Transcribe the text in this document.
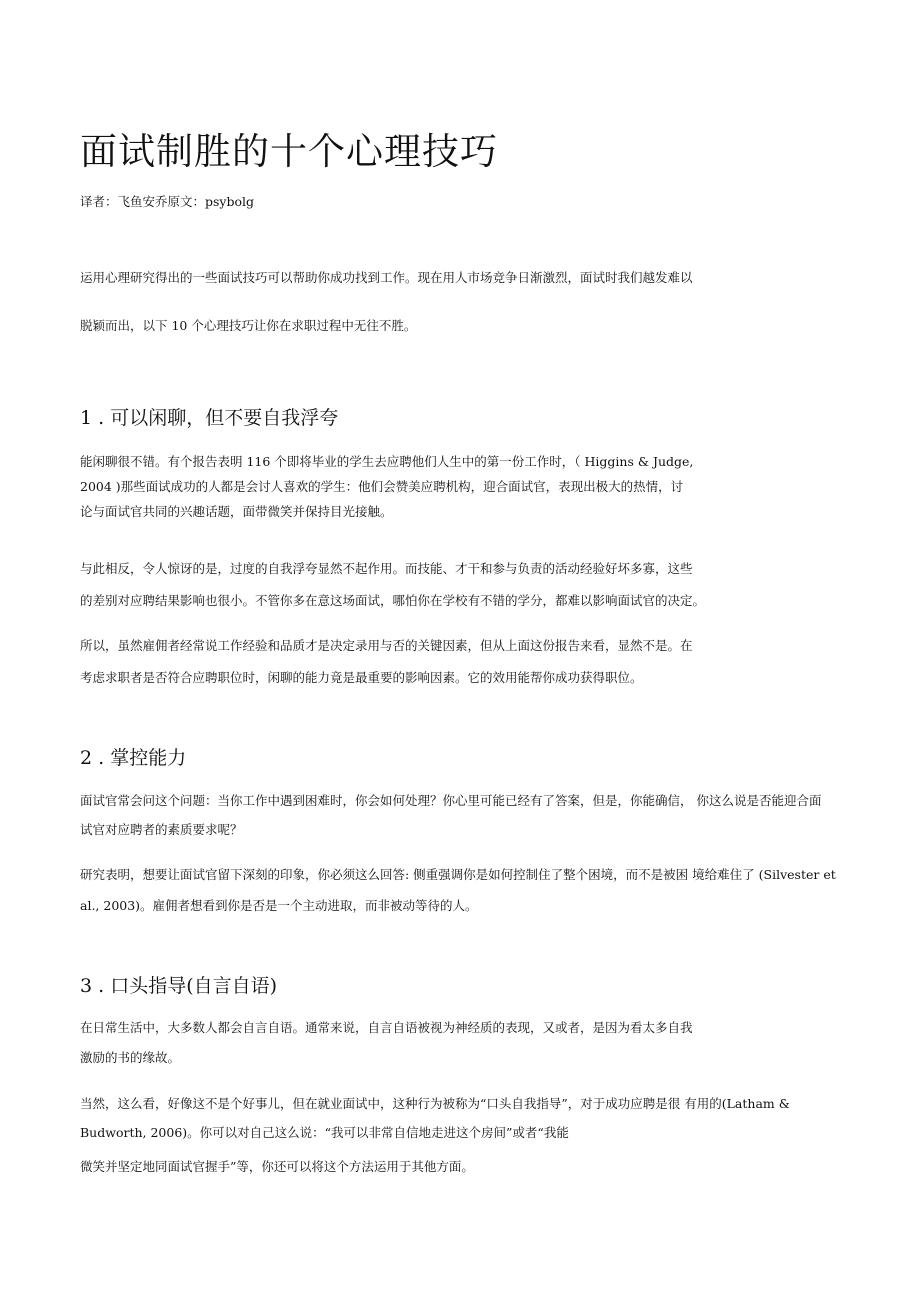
面试制胜的十个心理技巧
译者：飞鱼安乔原文：psybolg

运用心理研究得出的一些面试技巧可以帮助你成功找到工作。现在用人市场竞争日渐激烈，面试时我们越发难以
脱颖而出，以下 10 个心理技巧让你在求职过程中无往不胜。

1 . 可以闲聊，但不要自我浮夸

能闲聊很不错。有个报告表明 116 个即将毕业的学生去应聘他们人生中的第一份工作时，（ Higgins & Judge,
2004 )那些面试成功的人都是会讨人喜欢的学生：他们会赞美应聘机构，迎合面试官，表现出极大的热情，讨
论与面试官共同的兴趣话题，面带微笑并保持目光接触。

与此相反，令人惊讶的是，过度的自我浮夸显然不起作用。而技能、才干和参与负责的活动经验好坏多寡，这些
的差别对应聘结果影响也很小。不管你多在意这场面试，哪怕你在学校有不错的学分，都难以影响面试官的决定。

所以，虽然雇佣者经常说工作经验和品质才是决定录用与否的关键因素，但从上面这份报告来看，显然不是。在
考虑求职者是否符合应聘职位时，闲聊的能力竟是最重要的影响因素。它的效用能帮你成功获得职位。

2 . 掌控能力

面试官常会问这个问题：当你工作中遇到困难时，你会如何处理？你心里可能已经有了答案，但是，你能确信， 你这么说是否能迎合面
试官对应聘者的素质要求呢？

研究表明，想要让面试官留下深刻的印象，你必须这么回答: 侧重强调你是如何控制住了整个困境，而不是被困 境给难住了 (Silvester et
al., 2003)。雇佣者想看到你是否是一个主动进取，而非被动等待的人。

3 . 口头指导(自言自语)

在日常生活中，大多数人都会自言自语。通常来说，自言自语被视为神经质的表现，又或者，是因为看太多自我
激励的书的缘故。

当然，这么看，好像这不是个好事儿，但在就业面试中，这种行为被称为“口头自我指导”，对于成功应聘是很 有用的(Latham &
Budworth, 2006)。你可以对自己这么说：“我可以非常自信地走进这个房间”或者“我能
微笑并坚定地同面试官握手”等，你还可以将这个方法运用于其他方面。
